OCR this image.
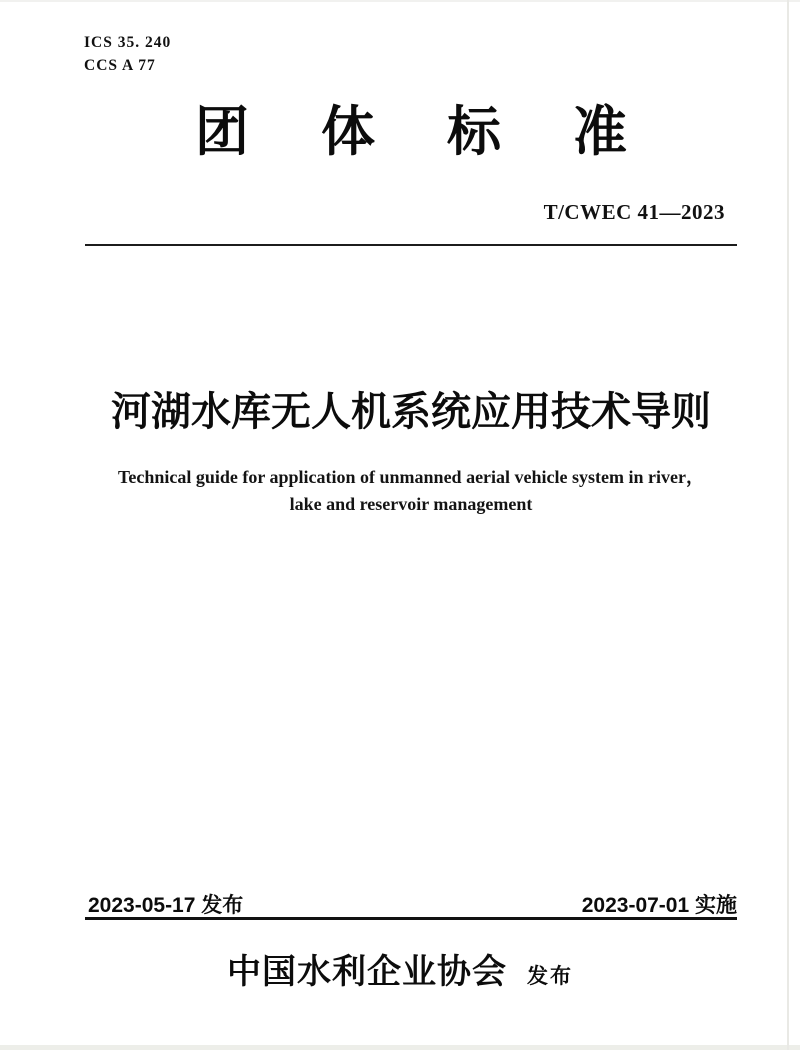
ICS 35. 240
CCS A 77
团体标准
T/CWEC 41—2023
河湖水库无人机系统应用技术导则
Technical guide for application of unmanned aerial vehicle system in river，
lake and reservoir management
2023-05-17 发布	2023-07-01 实施
中国水利企业协会 发布
